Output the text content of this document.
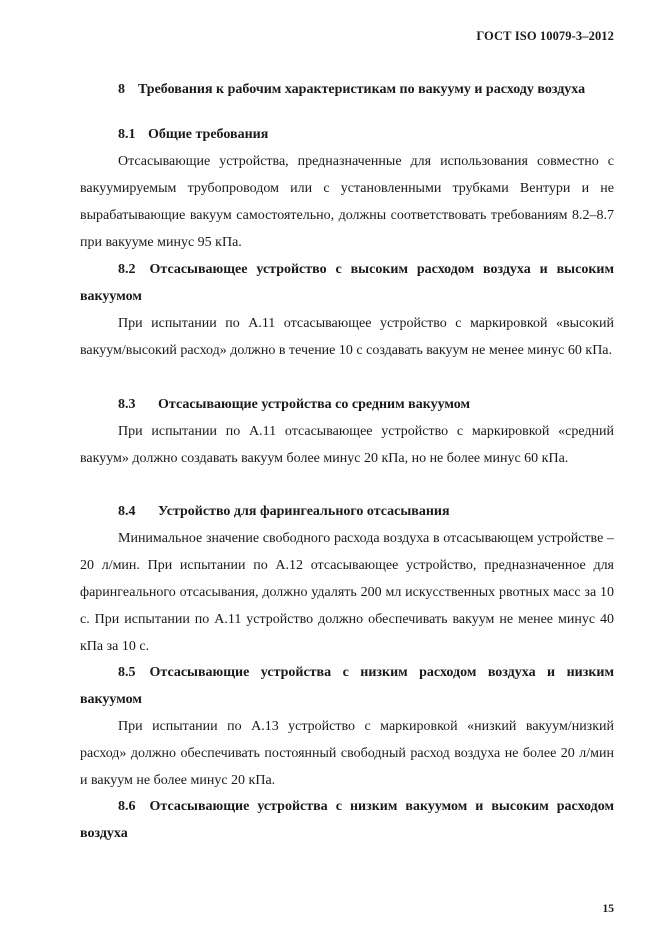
ГОСТ ISO 10079-3–2012
8 Требования к рабочим характеристикам по вакууму и расходу воздуха
8.1 Общие требования
Отсасывающие устройства, предназначенные для использования совместно с вакуумируемым трубопроводом или с установленными трубками Вентури и не вырабатывающие вакуум самостоятельно, должны соответствовать требованиям 8.2–8.7 при вакууме минус 95 кПа.
8.2 Отсасывающее устройство с высоким расходом воздуха и высоким вакуумом
При испытании по А.11 отсасывающее устройство с маркировкой «высокий вакуум/высокий расход» должно в течение 10 с создавать вакуум не менее минус 60 кПа.
8.3 Отсасывающие устройства со средним вакуумом
При испытании по А.11 отсасывающее устройство с маркировкой «средний вакуум» должно создавать вакуум более минус 20 кПа, но не более минус 60 кПа.
8.4 Устройство для фарингеального отсасывания
Минимальное значение свободного расхода воздуха в отсасывающем устройстве – 20 л/мин. При испытании по А.12 отсасывающее устройство, предназначенное для фарингеального отсасывания, должно удалять 200 мл искусственных рвотных масс за 10 с. При испытании по А.11 устройство должно обеспечивать вакуум не менее минус 40 кПа за 10 с.
8.5 Отсасывающие устройства с низким расходом воздуха и низким вакуумом
При испытании по А.13 устройство с маркировкой «низкий вакуум/низкий расход» должно обеспечивать постоянный свободный расход воздуха не более 20 л/мин и вакуум не более минус 20 кПа.
8.6 Отсасывающие устройства с низким вакуумом и высоким расходом воздуха
15
